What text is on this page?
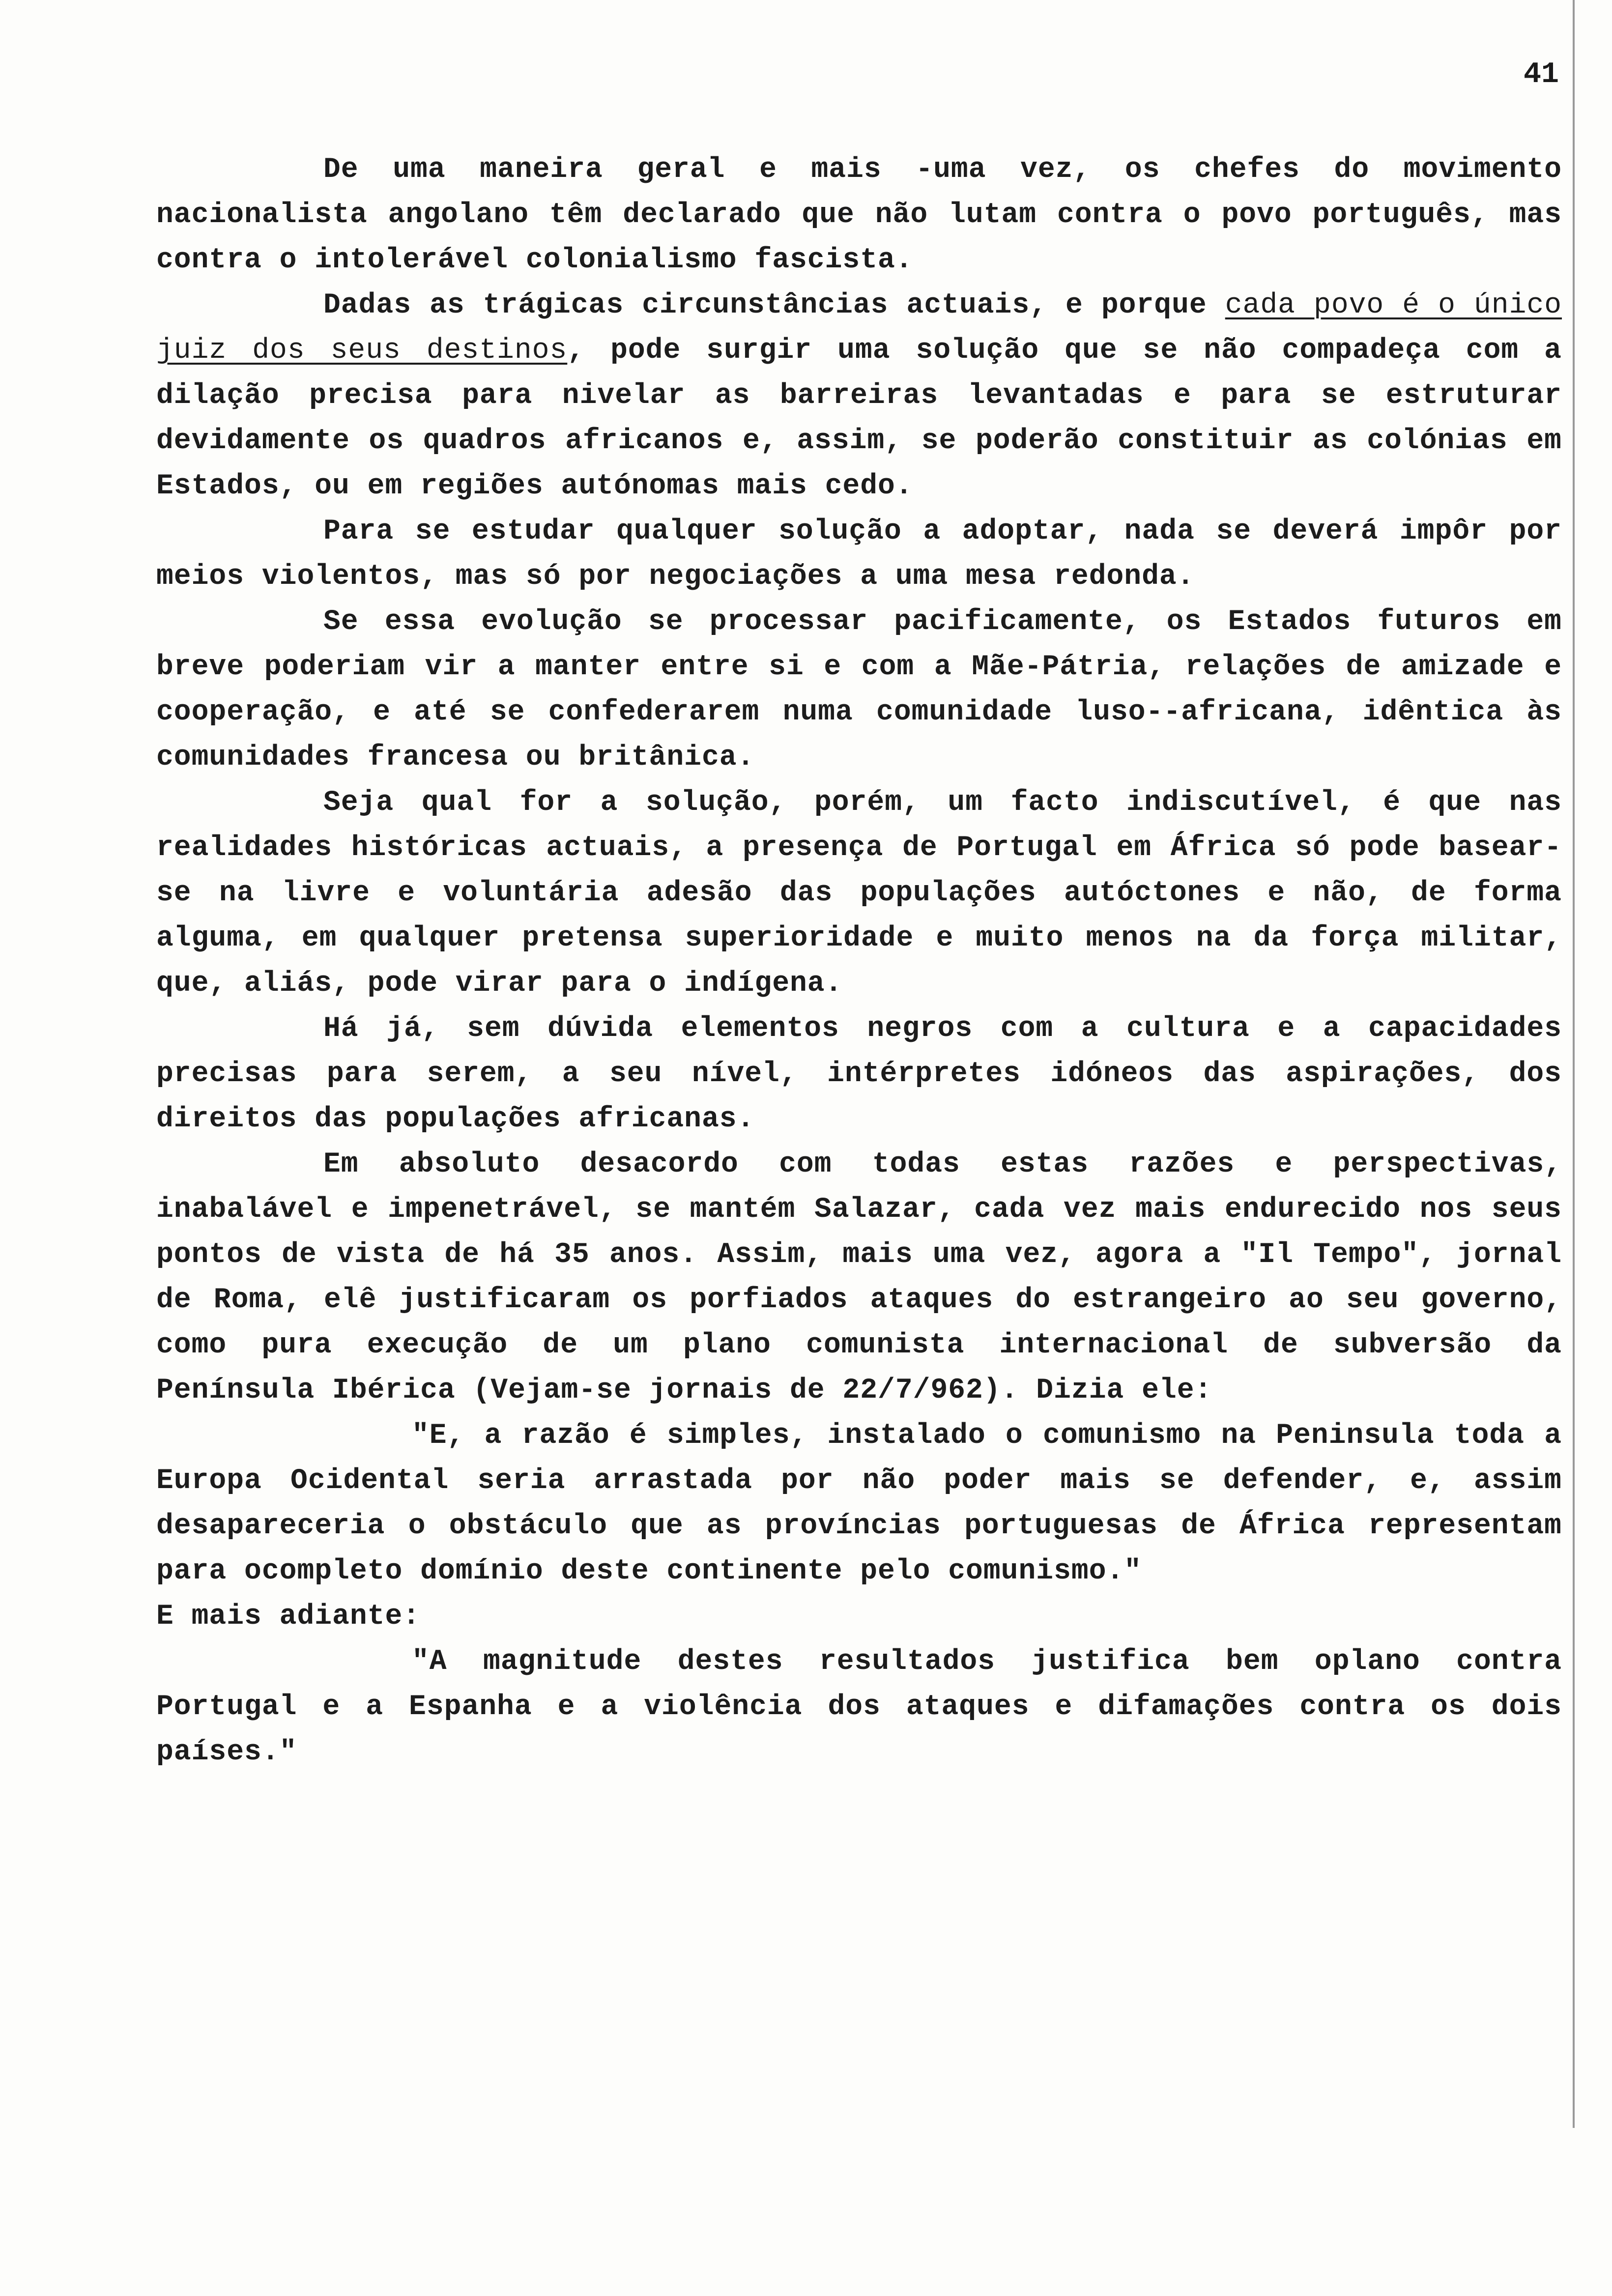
41

De uma maneira geral e mais -uma vez, os chefes do movimento nacionalista angolano têm declarado que não lutam contra o povo português, mas contra o intolerável colonialismo fascista.

Dadas as trágicas circunstâncias actuais, e porque cada povo é o único juiz dos seus destinos, pode surgir uma solução que se não compadeça com a dilação precisa para nivelar as barreiras levantadas e para se estruturar devidamente os quadros africanos e, assim, se poderão constituir as colónias em Estados, ou em regiões autónomas mais cedo.

Para se estudar qualquer solução a adoptar, nada se deverá impôr por meios violentos, mas só por negociações a uma mesa redonda.

Se essa evolução se processar pacificamente, os Estados futuros em breve poderiam vir a manter entre si e com a Mãe-Pátria, relações de amizade e cooperação, e até se confederarem numa comunidade luso--africana, idêntica às comunidades francesa ou britânica.

Seja qual for a solução, porém, um facto indiscutível, é que nas realidades históricas actuais, a presença de Portugal em África só pode basear-se na livre e voluntária adesão das populações autóctones e não, de forma alguma, em qualquer pretensa superioridade e muito menos na da força militar, que, aliás, pode virar para o indígena.

Há já, sem dúvida elementos negros com a cultura e a capacidades precisas para serem, a seu nível, intérpretes idóneos das aspirações, dos direitos das populações africanas.

Em absoluto desacordo com todas estas razões e perspectivas, inabalável e impenetrável, se mantém Salazar, cada vez mais endurecido nos seus pontos de vista de há 35 anos. Assim, mais uma vez, agora a "Il Tempo", jornal de Roma, elê justificaram os porfiados ataques do estrangeiro ao seu governo, como pura execução de um plano comunista internacional de subversão da Península Ibérica (Vejam-se jornais de 22/7/962). Dizia ele:

"E, a razão é simples, instalado o comunismo na Peninsula toda a Europa Ocidental seria arrastada por não poder mais se defender, e, assim desapareceria o obstáculo que as províncias portuguesas de África representam para ocompleto domínio deste continente pelo comunismo."

E mais adiante:

"A magnitude destes resultados justifica bem oplano contra Portugal e a Espanha e a violência dos ataques e difamações contra os dois países."
